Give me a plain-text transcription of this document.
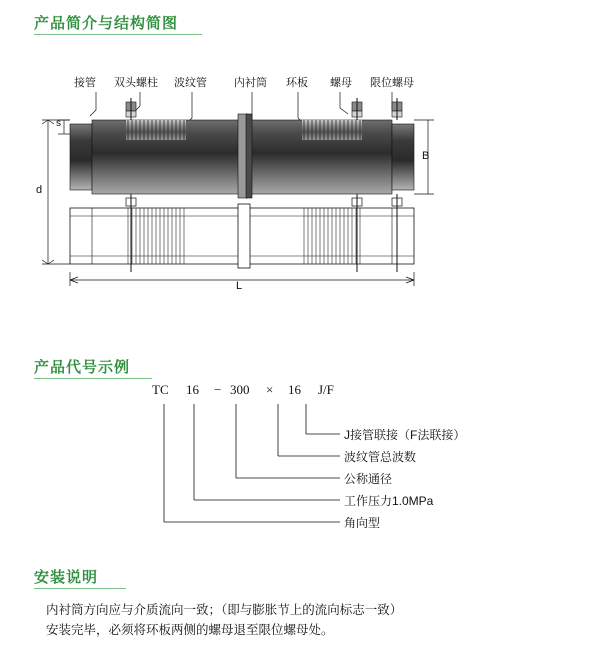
产品简介与结构简图
接管 双头螺柱 波纹管 内衬筒 环板 螺母 限位螺母
s
d
B
L
产品代号示例
TC 16 − 300 × 16 J/F
J接管联接（F法联接）
波纹管总波数
公称通径
工作压力1.0MPa
角向型
安装说明
内衬筒方向应与介质流向一致；（即与膨胀节上的流向标志一致）
安装完毕，必须将环板两侧的螺母退至限位螺母处。
